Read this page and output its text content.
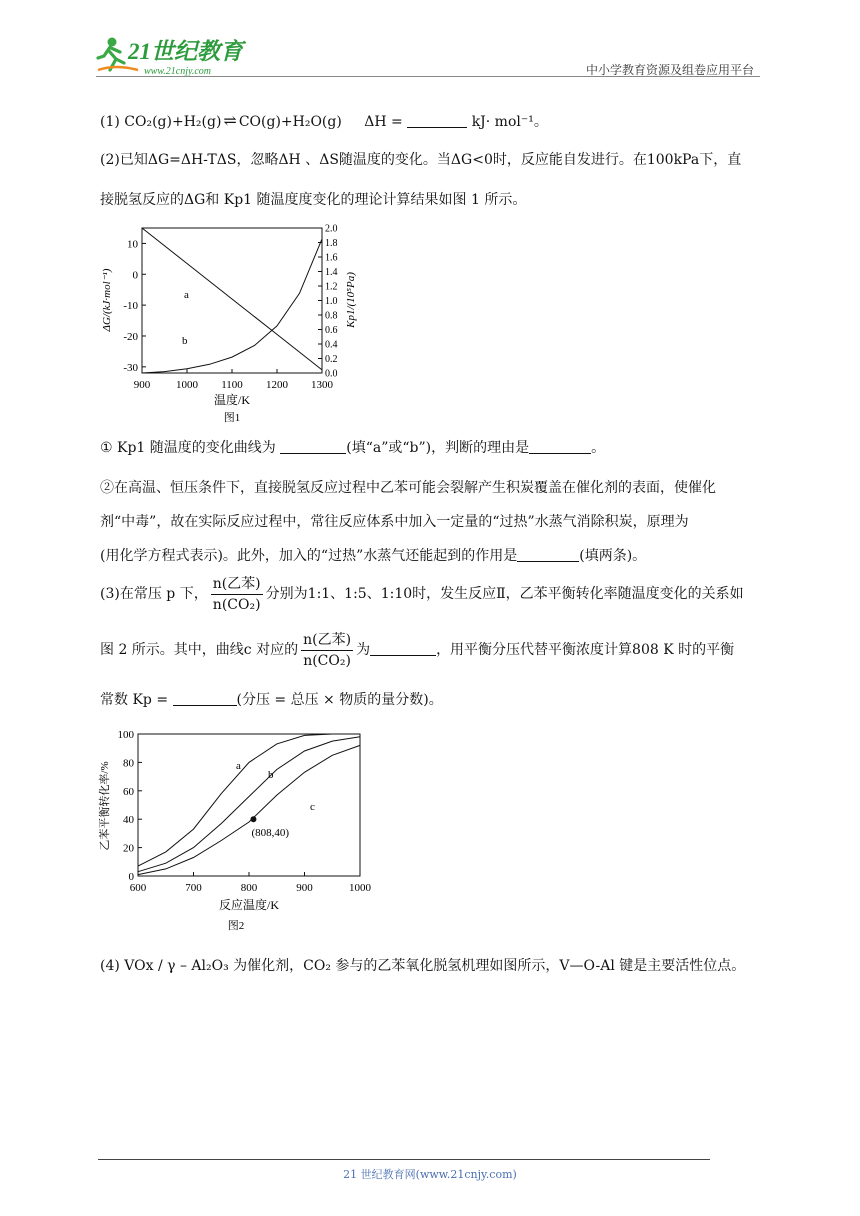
21世纪教育
www.21cnjy.com	中小学教育资源及组卷应用平台
(1) CO₂(g)+H₂(g) ⇌ CO(g)+H₂O(g) ΔH =	kJ· mol⁻¹。
(2)已知ΔG=ΔH-TΔS，忽略ΔH 、ΔS随温度的变化。当ΔG<0时，反应能自发进行。在100kPa下，直
接脱氢反应的ΔG和 Kp1 随温度度变化的理论计算结果如图 1 所示。
10
0
-10
-20
-30
2.0
1.8
1.6
1.4
1.2
1.0
0.8
0.6
0.4
0.2
0.0
900 1000 1100 1200 1300
a
b
温度/K
ΔG/(kJ·mol⁻¹)	Kp1/(10⁵Pa)
图1
① Kp1 随温度的变化曲线为	(填“a”或“b”)，判断的理由是	。
②在高温、恒压条件下，直接脱氢反应过程中乙苯可能会裂解产生积炭覆盖在催化剂的表面，使催化
剂“中毒”，故在实际反应过程中，常往反应体系中加入一定量的“过热”水蒸气消除积炭，原理为
(用化学方程式表示)。此外，加入的“过热”水蒸气还能起到的作用是	(填两条)。
(3)在常压 p 下， $\frac{\text{n(乙苯)}}{\text{n(CO₂)}}$ 分别为1:1、1:5、1:10时，发生反应Ⅱ，乙苯平衡转化率随温度变化的关系如
图 2 所示。其中，曲线c 对应的 $\frac{\text{n(乙苯)}}{\text{n(CO₂)}}$ 为	，用平衡分压代替平衡浓度计算808 K 时的平衡
常数 Kp =	(分压 = 总压 × 物质的量分数)。
0
20
40
60
80
100
600	700	800	900	1000
a
b
c
(808,40)
反应温度/K
乙苯平衡转化率/%
图2
(4) VOx / γ – Al₂O₃ 为催化剂，CO₂ 参与的乙苯氧化脱氢机理如图所示，V—O-Al 键是主要活性位点。
21 世纪教育网(www.21cnjy.com)
